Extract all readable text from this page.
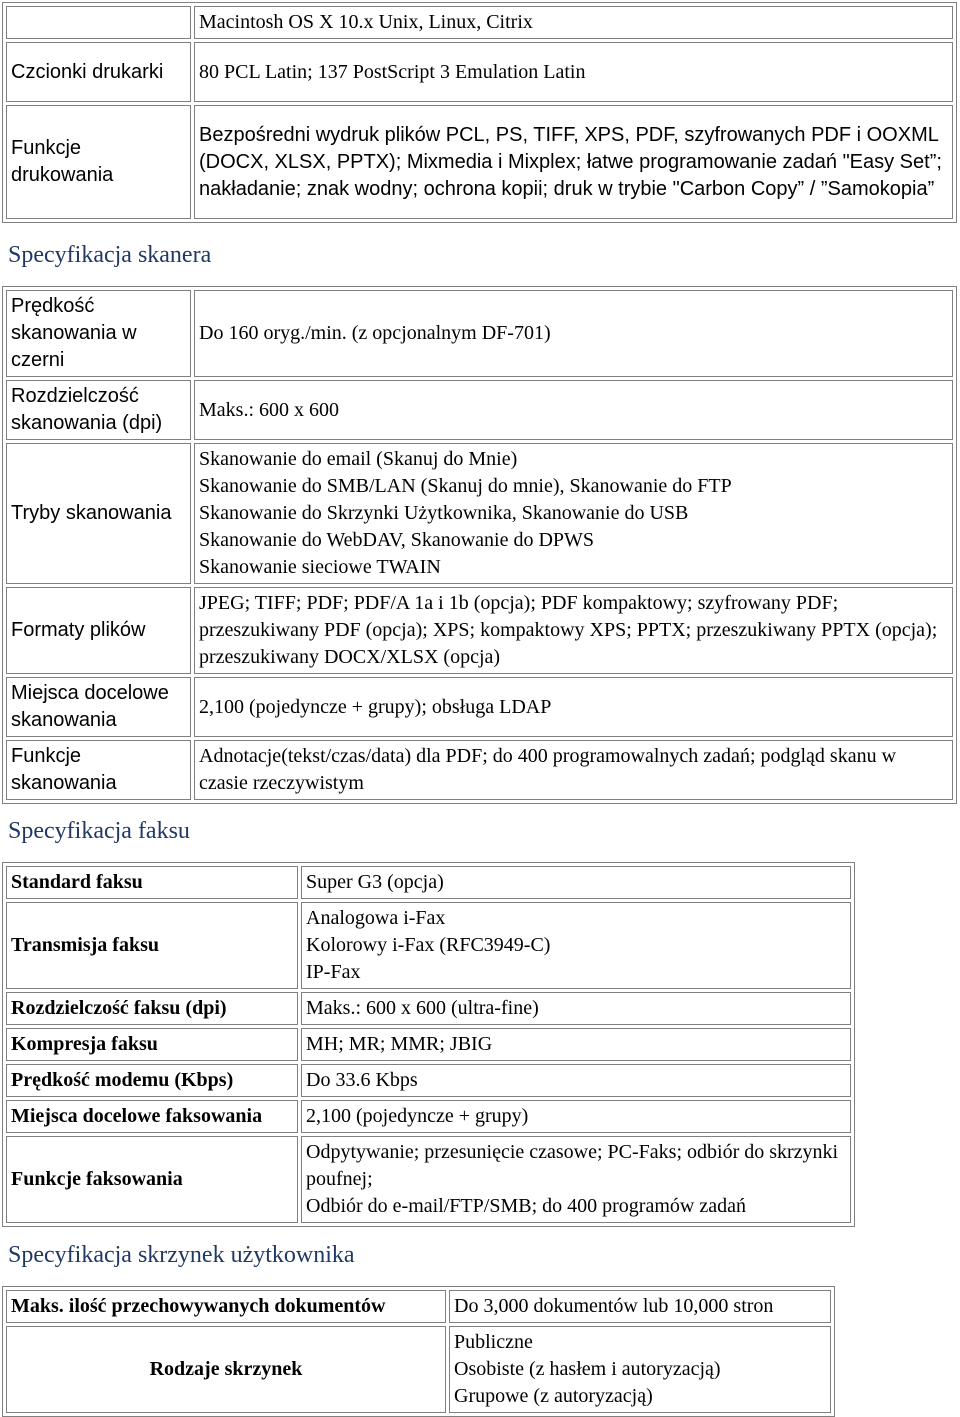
	Macintosh OS X 10.x Unix, Linux, Citrix
Czcionki drukarki	80 PCL Latin; 137 PostScript 3 Emulation Latin
Funkcje drukowania	Bezpośredni wydruk plików PCL, PS, TIFF, XPS, PDF, szyfrowanych PDF i OOXML (DOCX, XLSX, PPTX); Mixmedia i Mixplex; łatwe programowanie zadań "Easy Set”; nakładanie; znak wodny; ochrona kopii; druk w trybie "Carbon Copy” / ”Samokopia”
Specyfikacja skanera
Prędkość skanowania w czerni	Do 160 oryg./min. (z opcjonalnym DF-701)
Rozdzielczość skanowania (dpi)	Maks.: 600 x 600
Tryby skanowania	Skanowanie do email (Skanuj do Mnie)
Skanowanie do SMB/LAN (Skanuj do mnie), Skanowanie do FTP
Skanowanie do Skrzynki Użytkownika, Skanowanie do USB
Skanowanie do WebDAV, Skanowanie do DPWS
Skanowanie sieciowe TWAIN
Formaty plików	JPEG; TIFF; PDF; PDF/A 1a i 1b (opcja); PDF kompaktowy; szyfrowany PDF; przeszukiwany PDF (opcja); XPS; kompaktowy XPS; PPTX; przeszukiwany PPTX (opcja); przeszukiwany DOCX/XLSX (opcja)
Miejsca docelowe skanowania	2,100 (pojedyncze + grupy); obsługa LDAP
Funkcje skanowania	Adnotacje(tekst/czas/data) dla PDF; do 400 programowalnych zadań; podgląd skanu w czasie rzeczywistym
Specyfikacja faksu
Standard faksu	Super G3 (opcja)
Transmisja faksu	Analogowa i-Fax
Kolorowy i-Fax (RFC3949-C)
IP-Fax
Rozdzielczość faksu (dpi)	Maks.: 600 x 600 (ultra-fine)
Kompresja faksu	MH; MR; MMR; JBIG
Prędkość modemu (Kbps)	Do 33.6 Kbps
Miejsca docelowe faksowania	2,100 (pojedyncze + grupy)
Funkcje faksowania	Odpytywanie; przesunięcie czasowe; PC-Faks; odbiór do skrzynki poufnej;
Odbiór do e-mail/FTP/SMB; do 400 programów zadań
Specyfikacja skrzynek użytkownika
Maks. ilość przechowywanych dokumentów	Do 3,000 dokumentów lub 10,000 stron
Rodzaje skrzynek	Publiczne
Osobiste (z hasłem i autoryzacją)
Grupowe (z autoryzacją)
